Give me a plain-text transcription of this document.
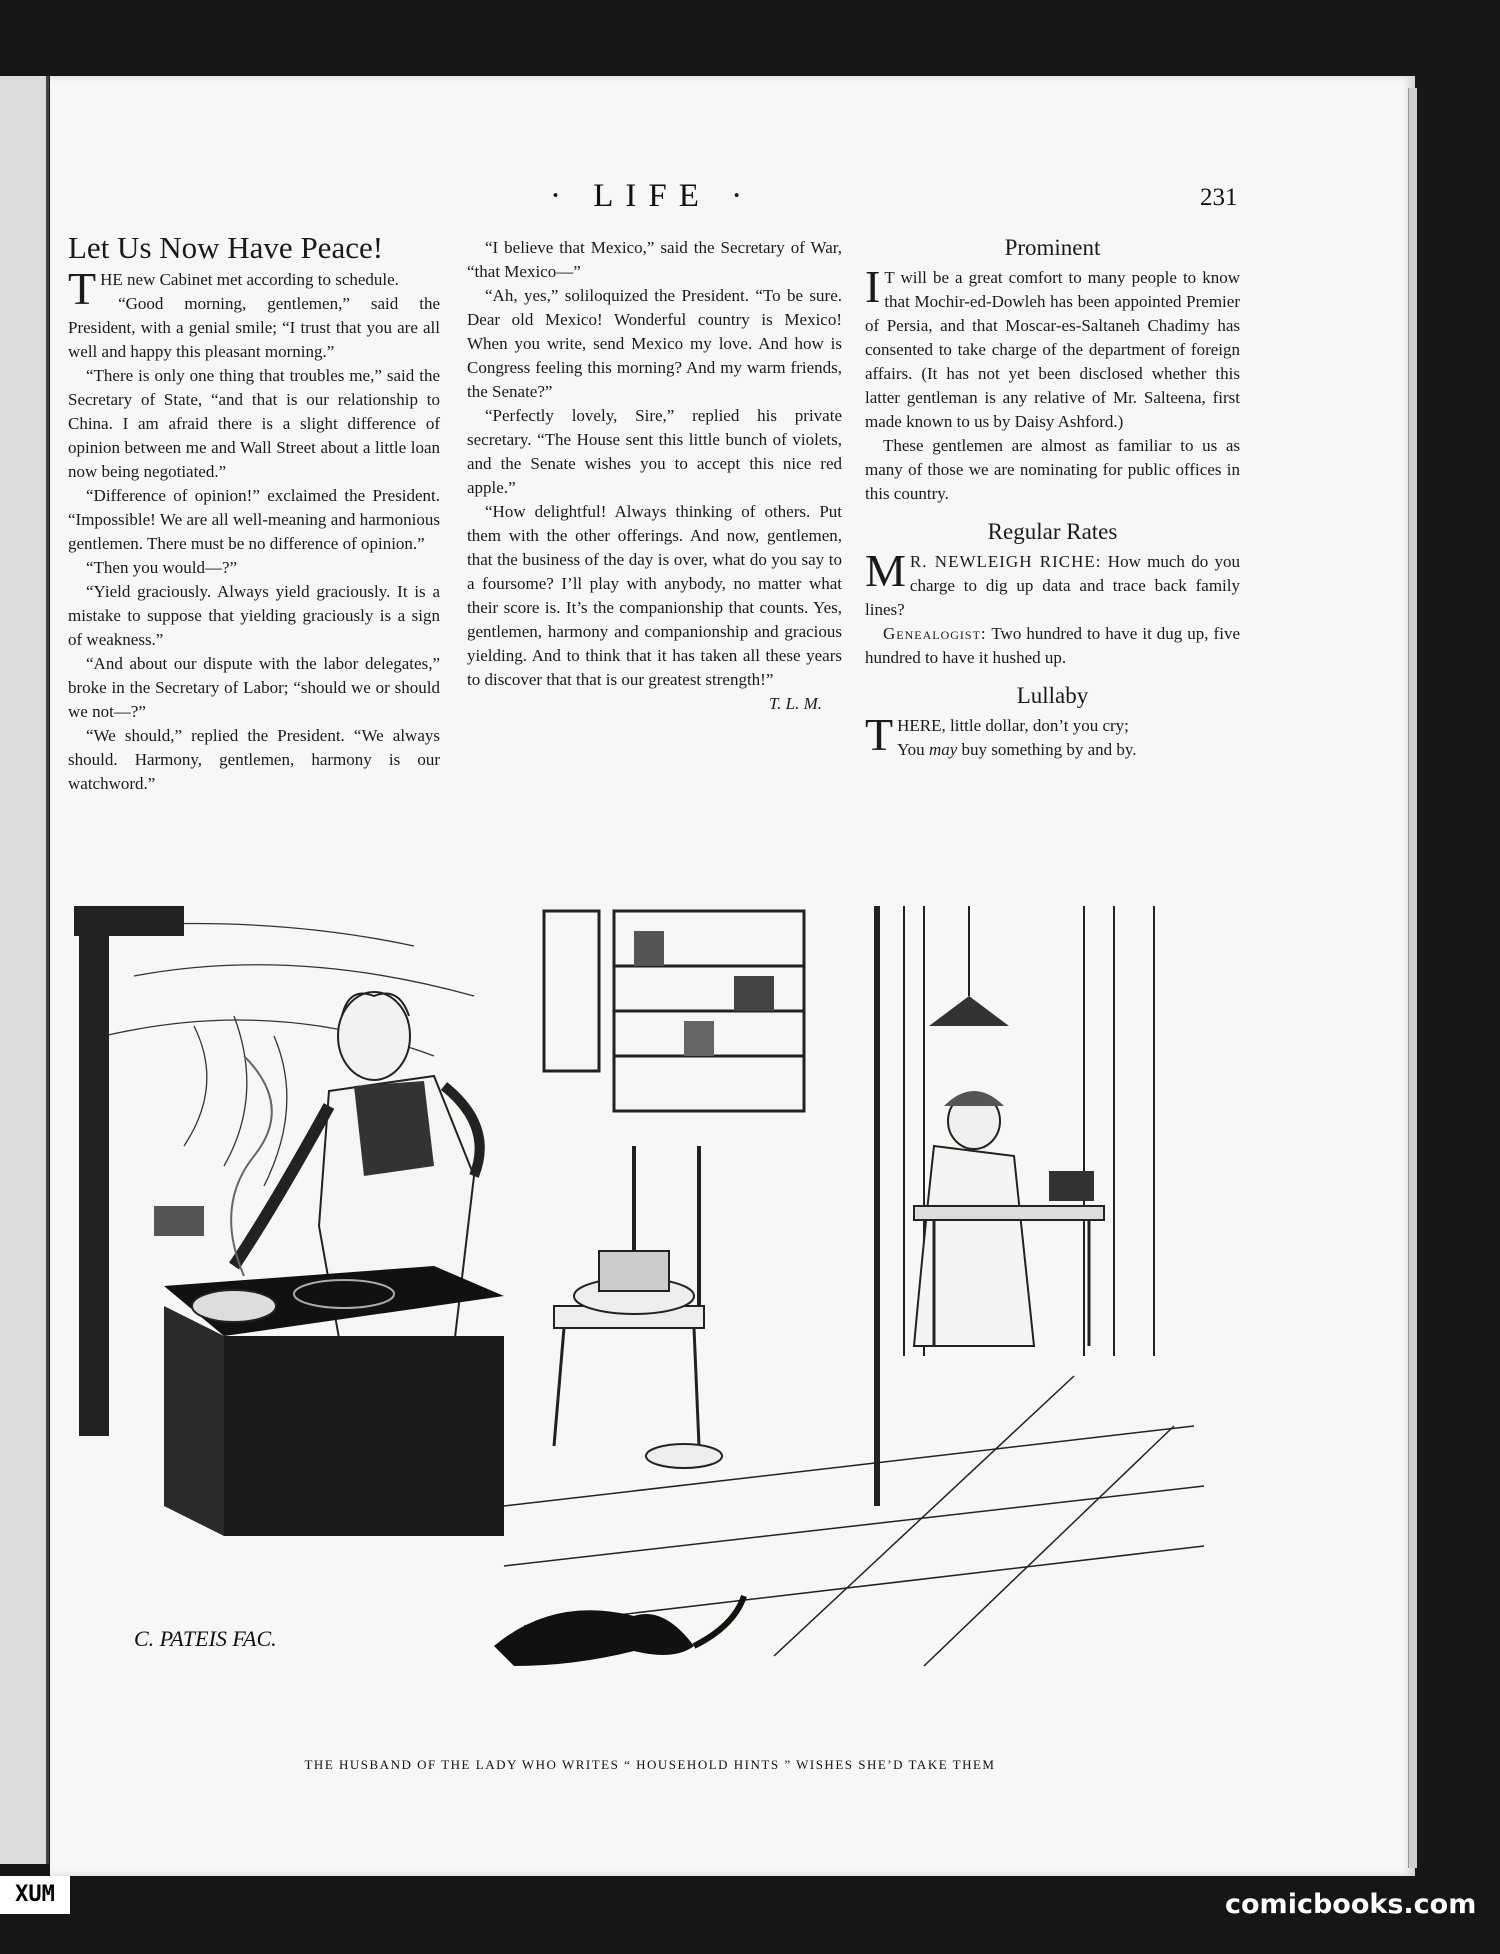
· LIFE ·	231
Let Us Now Have Peace!

THE new Cabinet met according to schedule.

“Good morning, gentlemen,” said the President, with a genial smile; “I trust that you are all well and happy this pleasant morning.”

“There is only one thing that troubles me,” said the Secretary of State, “and that is our relationship to China. I am afraid there is a slight difference of opinion between me and Wall Street about a little loan now being negotiated.”

“Difference of opinion!” exclaimed the President. “Impossible! We are all well-meaning and harmonious gentlemen. There must be no difference of opinion.”

“Then you would—?”

“Yield graciously. Always yield graciously. It is a mistake to suppose that yielding graciously is a sign of weakness.”

“And about our dispute with the labor delegates,” broke in the Secretary of Labor; “should we or should we not—?”

“We should,” replied the President. “We always should. Harmony, gentlemen, harmony is our watchword.”

“I believe that Mexico,” said the Secretary of War, “that Mexico—”

“Ah, yes,” soliloquized the President. “To be sure. Dear old Mexico! Wonderful country is Mexico! When you write, send Mexico my love. And how is Congress feeling this morning? And my warm friends, the Senate?”

“Perfectly lovely, Sire,” replied his private secretary. “The House sent this little bunch of violets, and the Senate wishes you to accept this nice red apple.”

“How delightful! Always thinking of others. Put them with the other offerings. And now, gentlemen, that the business of the day is over, what do you say to a foursome? I’ll play with anybody, no matter what their score is. It’s the companionship that counts. Yes, gentlemen, harmony and companionship and gracious yielding. And to think that it has taken all these years to discover that that is our greatest strength!”

T. L. M.

Prominent

I T will be a great comfort to many people to know that Mochir-ed-Dowleh has been appointed Premier of Persia, and that Moscar-es-Saltaneh Chadimy has consented to take charge of the department of foreign affairs. (It has not yet been disclosed whether this latter gentleman is any relative of Mr. Salteena, first made known to us by Daisy Ashford.)

These gentlemen are almost as familiar to us as many of those we are nominating for public offices in this country.

Regular Rates

M R. NEWLEIGH RICHE: How much do you charge to dig up data and trace back family lines?

Genealogist: Two hundred to have it dug up, five hundred to have it hushed up.

Lullaby

THERE, little dollar, don’t you cry;
You may buy something by and by.

C. PATEIS FAC.
THE HUSBAND OF THE LADY WHO WRITES “ HOUSEHOLD HINTS ” WISHES SHE’D TAKE THEM
XUM	comicbooks.com
